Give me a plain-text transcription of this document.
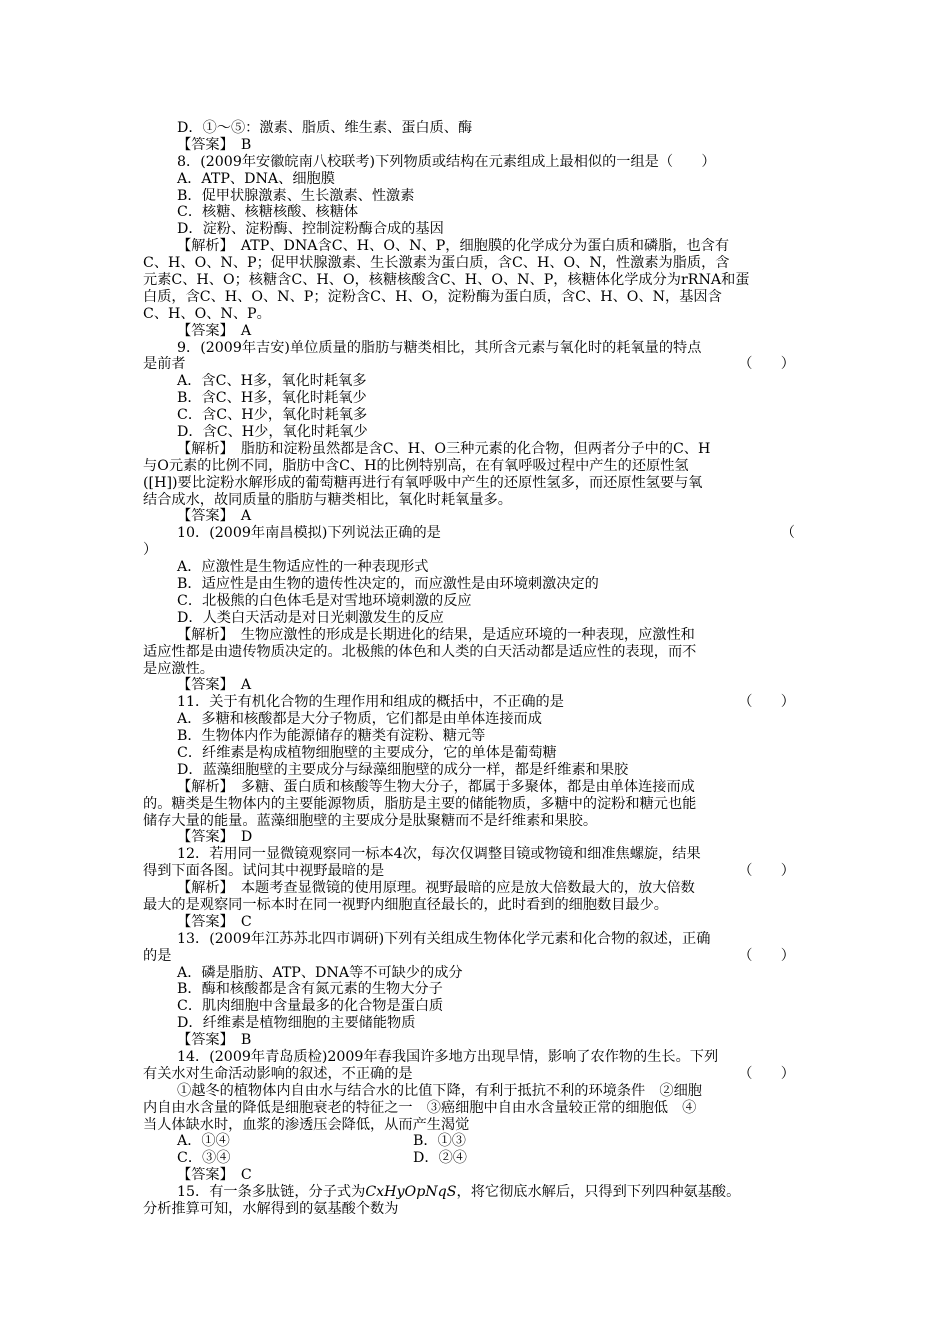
D．①～⑤：激素、脂质、维生素、蛋白质、酶
【答案】　B
8．(2009年安徽皖南八校联考)下列物质或结构在元素组成上最相似的一组是（　　）
A．ATP、DNA、细胞膜
B．促甲状腺激素、生长激素、性激素
C．核糖、核糖核酸、核糖体
D．淀粉、淀粉酶、控制淀粉酶合成的基因
【解析】　ATP、DNA含C、H、O、N、P，细胞膜的化学成分为蛋白质和磷脂，也含有
C、H、O、N、P；促甲状腺激素、生长激素为蛋白质，含C、H、O、N，性激素为脂质，含
元素C、H、O；核糖含C、H、O，核糖核酸含C、H、O、N、P，核糖体化学成分为rRNA和蛋
白质，含C、H、O、N、P；淀粉含C、H、O，淀粉酶为蛋白质，含C、H、O、N，基因含
C、H、O、N、P。
【答案】　A
9．(2009年吉安)单位质量的脂肪与糖类相比，其所含元素与氧化时的耗氧量的特点
是前者	（　　）
A．含C、H多，氧化时耗氧多
B．含C、H多，氧化时耗氧少
C．含C、H少，氧化时耗氧多
D．含C、H少，氧化时耗氧少
【解析】　脂肪和淀粉虽然都是含C、H、O三种元素的化合物，但两者分子中的C、H
与O元素的比例不同，脂肪中含C、H的比例特别高，在有氧呼吸过程中产生的还原性氢
([H])要比淀粉水解形成的葡萄糖再进行有氧呼吸中产生的还原性氢多，而还原性氢要与氧
结合成水，故同质量的脂肪与糖类相比，氧化时耗氧量多。
【答案】　A
10．(2009年南昌模拟)下列说法正确的是	（
）
A．应激性是生物适应性的一种表现形式
B．适应性是由生物的遗传性决定的，而应激性是由环境刺激决定的
C．北极熊的白色体毛是对雪地环境刺激的反应
D．人类白天活动是对日光刺激发生的反应
【解析】　生物应激性的形成是长期进化的结果，是适应环境的一种表现，应激性和
适应性都是由遗传物质决定的。北极熊的体色和人类的白天活动都是适应性的表现，而不
是应激性。
【答案】　A
11．关于有机化合物的生理作用和组成的概括中，不正确的是	（　　）
A．多糖和核酸都是大分子物质，它们都是由单体连接而成
B．生物体内作为能源储存的糖类有淀粉、糖元等
C．纤维素是构成植物细胞壁的主要成分，它的单体是葡萄糖
D．蓝藻细胞壁的主要成分与绿藻细胞壁的成分一样，都是纤维素和果胶
【解析】　多糖、蛋白质和核酸等生物大分子，都属于多聚体，都是由单体连接而成
的。糖类是生物体内的主要能源物质，脂肪是主要的储能物质，多糖中的淀粉和糖元也能
储存大量的能量。蓝藻细胞壁的主要成分是肽聚糖而不是纤维素和果胶。
【答案】　D
12．若用同一显微镜观察同一标本4次，每次仅调整目镜或物镜和细准焦螺旋，结果
得到下面各图。试问其中视野最暗的是	（　　）
【解析】　本题考查显微镜的使用原理。视野最暗的应是放大倍数最大的，放大倍数
最大的是观察同一标本时在同一视野内细胞直径最长的，此时看到的细胞数目最少。
【答案】　C
13．(2009年江苏苏北四市调研)下列有关组成生物体化学元素和化合物的叙述，正确
的是	（　　）
A．磷是脂肪、ATP、DNA等不可缺少的成分
B．酶和核酸都是含有氮元素的生物大分子
C．肌肉细胞中含量最多的化合物是蛋白质
D．纤维素是植物细胞的主要储能物质
【答案】　B
14．(2009年青岛质检)2009年春我国许多地方出现旱情，影响了农作物的生长。下列
有关水对生命活动影响的叙述，不正确的是	（　　）
①越冬的植物体内自由水与结合水的比值下降，有利于抵抗不利的环境条件　②细胞
内自由水含量的降低是细胞衰老的特征之一　③癌细胞中自由水含量较正常的细胞低　④
当人体缺水时，血浆的渗透压会降低，从而产生渴觉
A．①④	B．①③
C．③④	D．②④
【答案】　C
15．有一条多肽链，分子式为CxHyOpNqS，将它彻底水解后，只得到下列四种氨基酸。
分析推算可知，水解得到的氨基酸个数为
